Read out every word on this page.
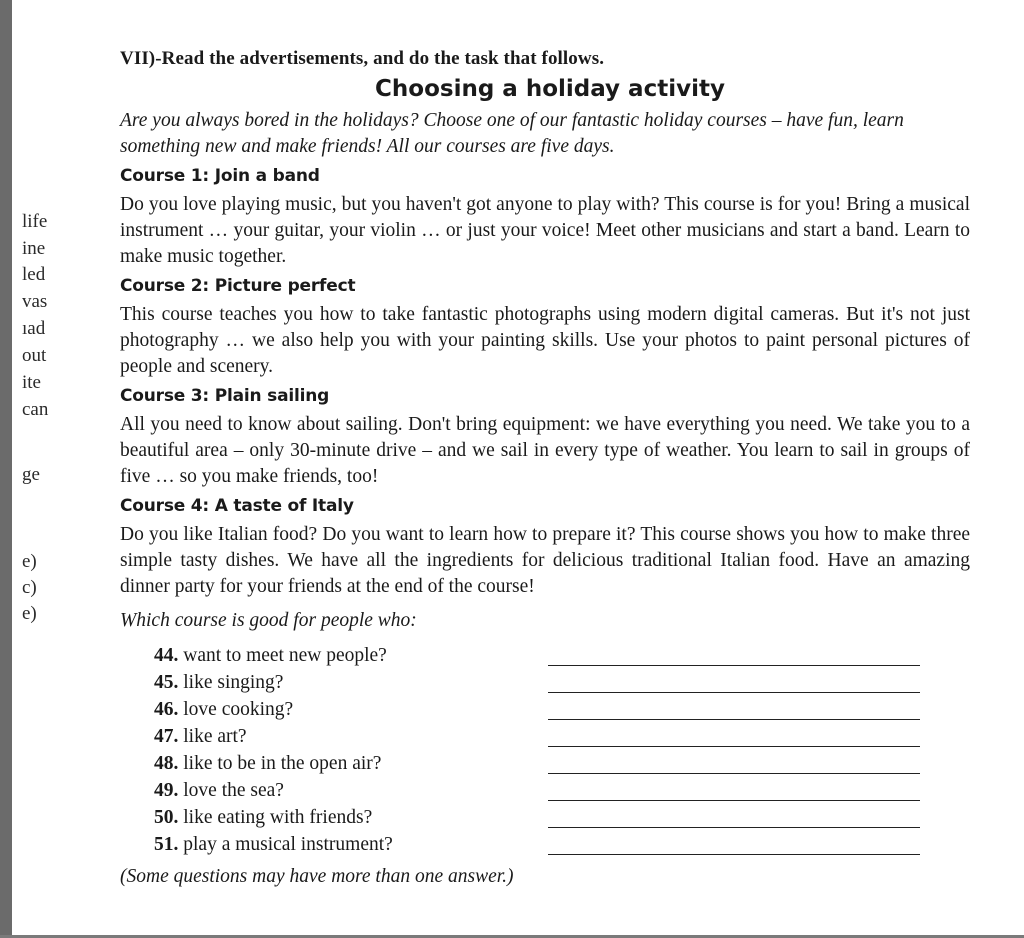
life
ine
led
vas
ıad
out
ite
can
ge
e)
c)
e)
VII)-Read the advertisements, and do the task that follows.
Choosing a holiday activity

Are you always bored in the holidays? Choose one of our fantastic holiday courses – have fun, learn something new and make friends! All our courses are five days.

Course 1: Join a band

Do you love playing music, but you haven't got anyone to play with? This course is for you! Bring a musical instrument … your guitar, your violin … or just your voice! Meet other musicians and start a band. Learn to make music together.

Course 2: Picture perfect

This course teaches you how to take fantastic photographs using modern digital cameras. But it's not just photography … we also help you with your painting skills. Use your photos to paint personal pictures of people and scenery.

Course 3: Plain sailing

All you need to know about sailing. Don't bring equipment: we have everything you need. We take you to a beautiful area – only 30-minute drive – and we sail in every type of weather. You learn to sail in groups of five … so you make friends, too!

Course 4: A taste of Italy

Do you like Italian food? Do you want to learn how to prepare it? This course shows you how to make three simple tasty dishes. We have all the ingredients for delicious traditional Italian food. Have an amazing dinner party for your friends at the end of the course!

Which course is good for people who:

44. want to meet new people?
45. like singing?
46. love cooking?
47. like art?
48. like to be in the open air?
49. love the sea?
50. like eating with friends?
51. play a musical instrument?

(Some questions may have more than one answer.)
